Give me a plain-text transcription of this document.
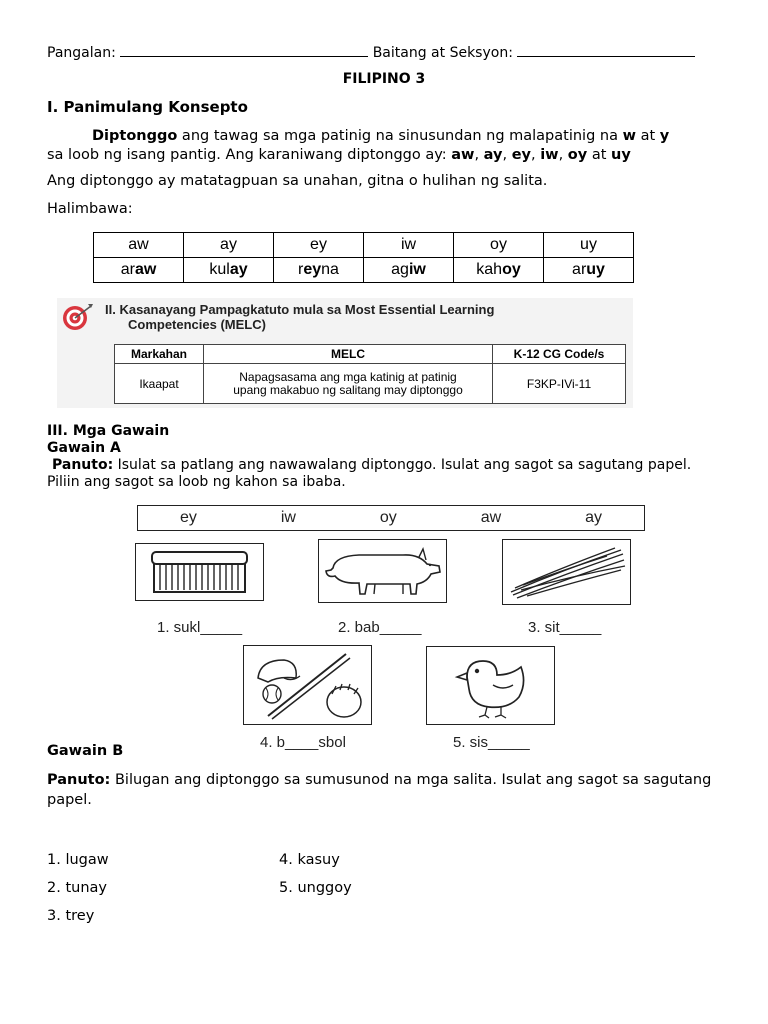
Pangalan:	Baitang at Seksyon:
FILIPINO 3
I. Panimulang Konsepto
Diptonggo ang tawag sa mga patinig na sinusundan ng malapatinig na w at y
sa loob ng isang pantig. Ang karaniwang diptonggo ay: aw, ay, ey, iw, oy at uy
Ang diptonggo ay matatagpuan sa unahan, gitna o hulihan ng salita.
Halimbawa:
aw	ay	ey	iw	oy	uy
araw	kulay	reyna	agiw	kahoy	aruy
II. Kasanayang Pampagkatuto mula sa Most Essential Learning
Competencies (MELC)
Markahan	MELC	K-12 CG Code/s
Ikaapat	Napagsasama ang mga katinig at patinig upang makabuo ng salitang may diptonggo	F3KP-IVi-11
III. Mga Gawain
Gawain A
Panuto: Isulat sa patlang ang nawawalang diptonggo. Isulat ang sagot sa sagutang papel. Piliin ang sagot sa loob ng kahon sa ibaba.
ey	iw	oy	aw	ay
1. sukl_____	2. bab_____	3. sit_____
4. b____sbol	5. sis_____
Gawain B
Panuto: Bilugan ang diptonggo sa sumusunod na mga salita. Isulat ang sagot sa sagutang papel.
1. lugaw
2. tunay
3. trey
4. kasuy
5. unggoy
